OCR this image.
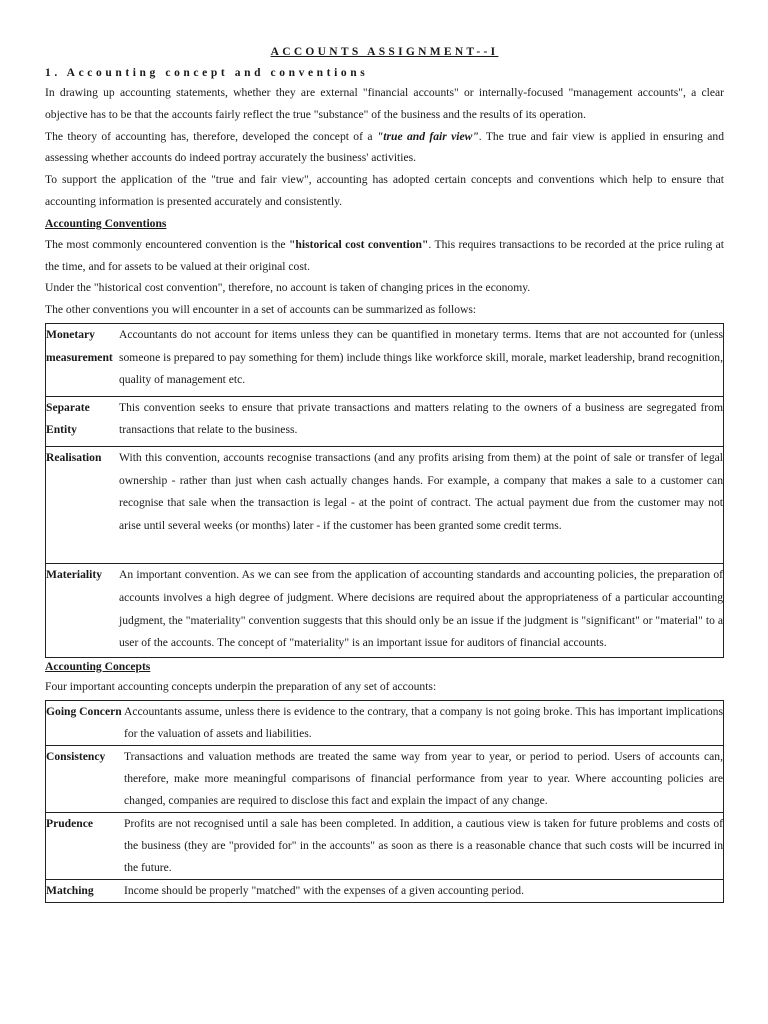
ACCOUNTS ASSIGNMENT--I
1. Accounting concept and conventions

In drawing up accounting statements, whether they are external "financial accounts" or internally-focused "management accounts", a clear objective has to be that the accounts fairly reflect the true "substance" of the business and the results of its operation.

The theory of accounting has, therefore, developed the concept of a "true and fair view". The true and fair view is applied in ensuring and assessing whether accounts do indeed portray accurately the business' activities.

To support the application of the "true and fair view", accounting has adopted certain concepts and conventions which help to ensure that accounting information is presented accurately and consistently.

Accounting Conventions

The most commonly encountered convention is the "historical cost convention". This requires transactions to be recorded at the price ruling at the time, and for assets to be valued at their original cost.

Under the "historical cost convention", therefore, no account is taken of changing prices in the economy.

The other conventions you will encounter in a set of accounts can be summarized as follows:

Monetary measurement	Accountants do not account for items unless they can be quantified in monetary terms. Items that are not accounted for (unless someone is prepared to pay something for them) include things like workforce skill, morale, market leadership, brand recognition, quality of management etc.
Separate Entity	This convention seeks to ensure that private transactions and matters relating to the owners of a business are segregated from transactions that relate to the business.
Realisation	With this convention, accounts recognise transactions (and any profits arising from them) at the point of sale or transfer of legal ownership - rather than just when cash actually changes hands. For example, a company that makes a sale to a customer can recognise that sale when the transaction is legal - at the point of contract. The actual payment due from the customer may not arise until several weeks (or months) later - if the customer has been granted some credit terms.
Materiality	An important convention. As we can see from the application of accounting standards and accounting policies, the preparation of accounts involves a high degree of judgment. Where decisions are required about the appropriateness of a particular accounting judgment, the "materiality" convention suggests that this should only be an issue if the judgment is "significant" or "material" to a user of the accounts. The concept of "materiality" is an important issue for auditors of financial accounts.
Accounting Concepts

Four important accounting concepts underpin the preparation of any set of accounts:

Going Concern	Accountants assume, unless there is evidence to the contrary, that a company is not going broke. This has important implications for the valuation of assets and liabilities.
Consistency	Transactions and valuation methods are treated the same way from year to year, or period to period. Users of accounts can, therefore, make more meaningful comparisons of financial performance from year to year. Where accounting policies are changed, companies are required to disclose this fact and explain the impact of any change.
Prudence	Profits are not recognised until a sale has been completed. In addition, a cautious view is taken for future problems and costs of the business (they are "provided for" in the accounts" as soon as there is a reasonable chance that such costs will be incurred in the future.
Matching	Income should be properly "matched" with the expenses of a given accounting period.
